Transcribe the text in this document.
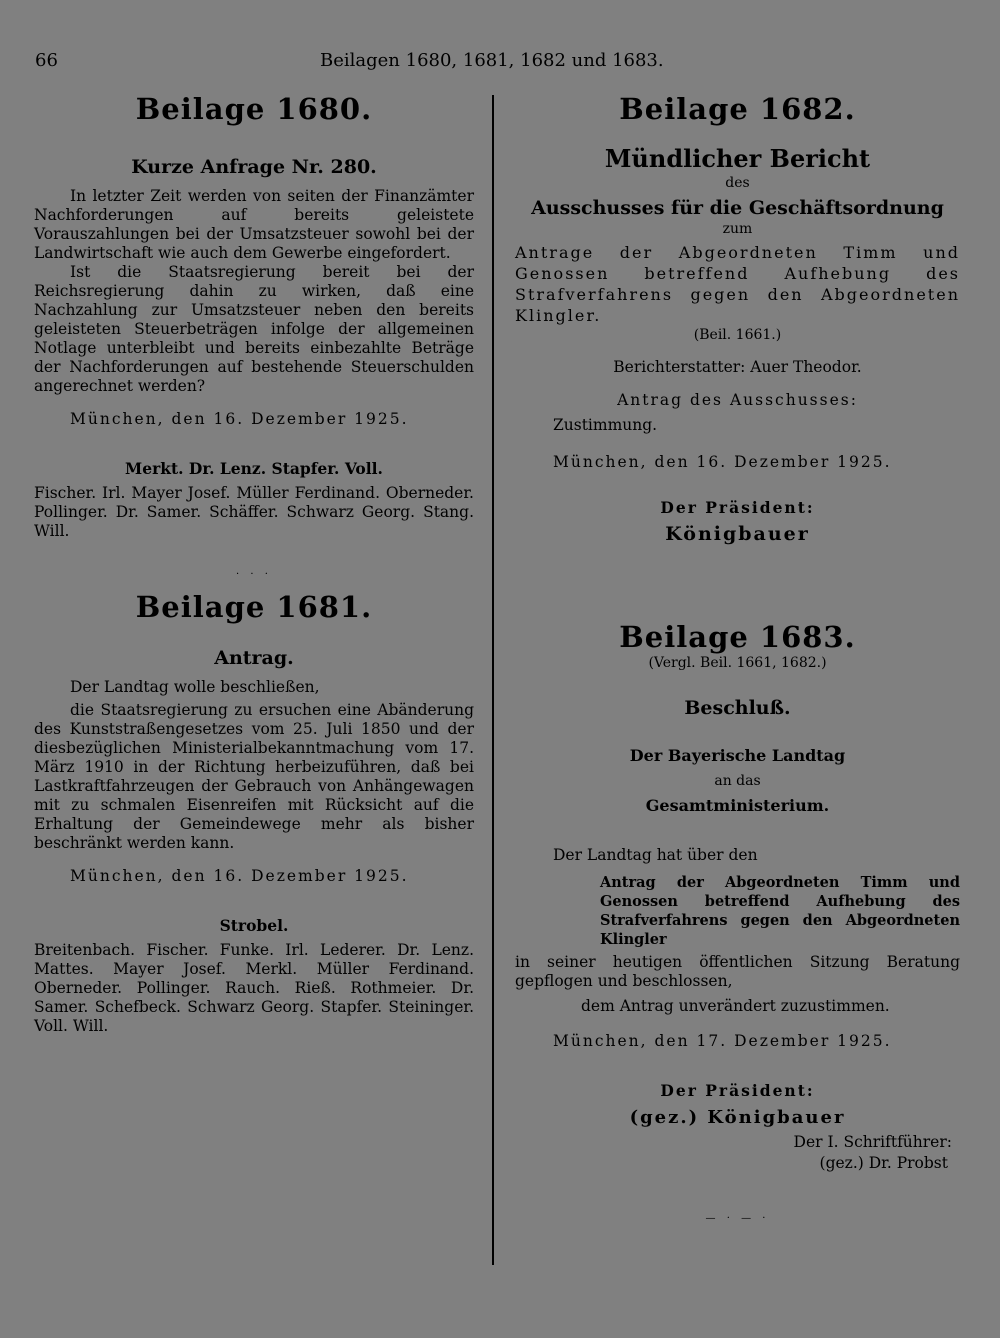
66	Beilagen 1680, 1681, 1682 und 1683.
Beilage 1680.
Kurze Anfrage Nr. 280.

In letzter Zeit werden von seiten der Finanzämter Nachforderungen auf bereits geleistete Vorauszahlungen bei der Umsatzsteuer sowohl bei der Landwirtschaft wie auch dem Gewerbe eingefordert.

Ist die Staatsregierung bereit bei der Reichsregierung dahin zu wirken, daß eine Nachzahlung zur Umsatzsteuer neben den bereits geleisteten Steuerbeträgen infolge der allgemeinen Notlage unterbleibt und bereits einbezahlte Beträge der Nachforderungen auf bestehende Steuerschulden angerechnet werden?

München, den 16. Dezember 1925.

Merkt. Dr. Lenz. Stapfer. Voll.

Fischer. Irl. Mayer Josef. Müller Ferdinand. Oberneder. Pollinger. Dr. Samer. Schäffer. Schwarz Georg. Stang. Will.

· · ·
Beilage 1681.
Antrag.

Der Landtag wolle beschließen,

die Staatsregierung zu ersuchen eine Abänderung des Kunststraßengesetzes vom 25. Juli 1850 und der diesbezüglichen Ministerialbekanntmachung vom 17. März 1910 in der Richtung herbeizuführen, daß bei Lastkraftfahrzeugen der Gebrauch von Anhängewagen mit zu schmalen Eisenreifen mit Rücksicht auf die Erhaltung der Gemeindewege mehr als bisher beschränkt werden kann.

München, den 16. Dezember 1925.

Strobel.

Breitenbach. Fischer. Funke. Irl. Lederer. Dr. Lenz. Mattes. Mayer Josef. Merkl. Müller Ferdinand. Oberneder. Pollinger. Rauch. Rieß. Rothmeier. Dr. Samer. Schefbeck. Schwarz Georg. Stapfer. Steininger. Voll. Will.

Beilage 1682.
Mündlicher Bericht
des
Ausschusses für die Geschäftsordnung
zum

Antrage der Abgeordneten Timm und Genossen betreffend Aufhebung des Strafverfahrens gegen den Abgeordneten Klingler.

(Beil. 1661.)

Berichterstatter: Auer Theodor.

Antrag des Ausschusses:

Zustimmung.

München, den 16. Dezember 1925.

Der Präsident:

Königbauer

Beilage 1683.
(Vergl. Beil. 1661, 1682.)
Beschluß.
Der Bayerische Landtag
an das
Gesamtministerium.

Der Landtag hat über den

Antrag der Abgeordneten Timm und Genossen betreffend Aufhebung des Strafverfahrens gegen den Abgeordneten Klingler

in seiner heutigen öffentlichen Sitzung Beratung gepflogen und beschlossen,

dem Antrag unverändert zuzustimmen.

München, den 17. Dezember 1925.

Der Präsident:

(gez.) Königbauer

Der I. Schriftführer:

(gez.) Dr. Probst

— · — ·
